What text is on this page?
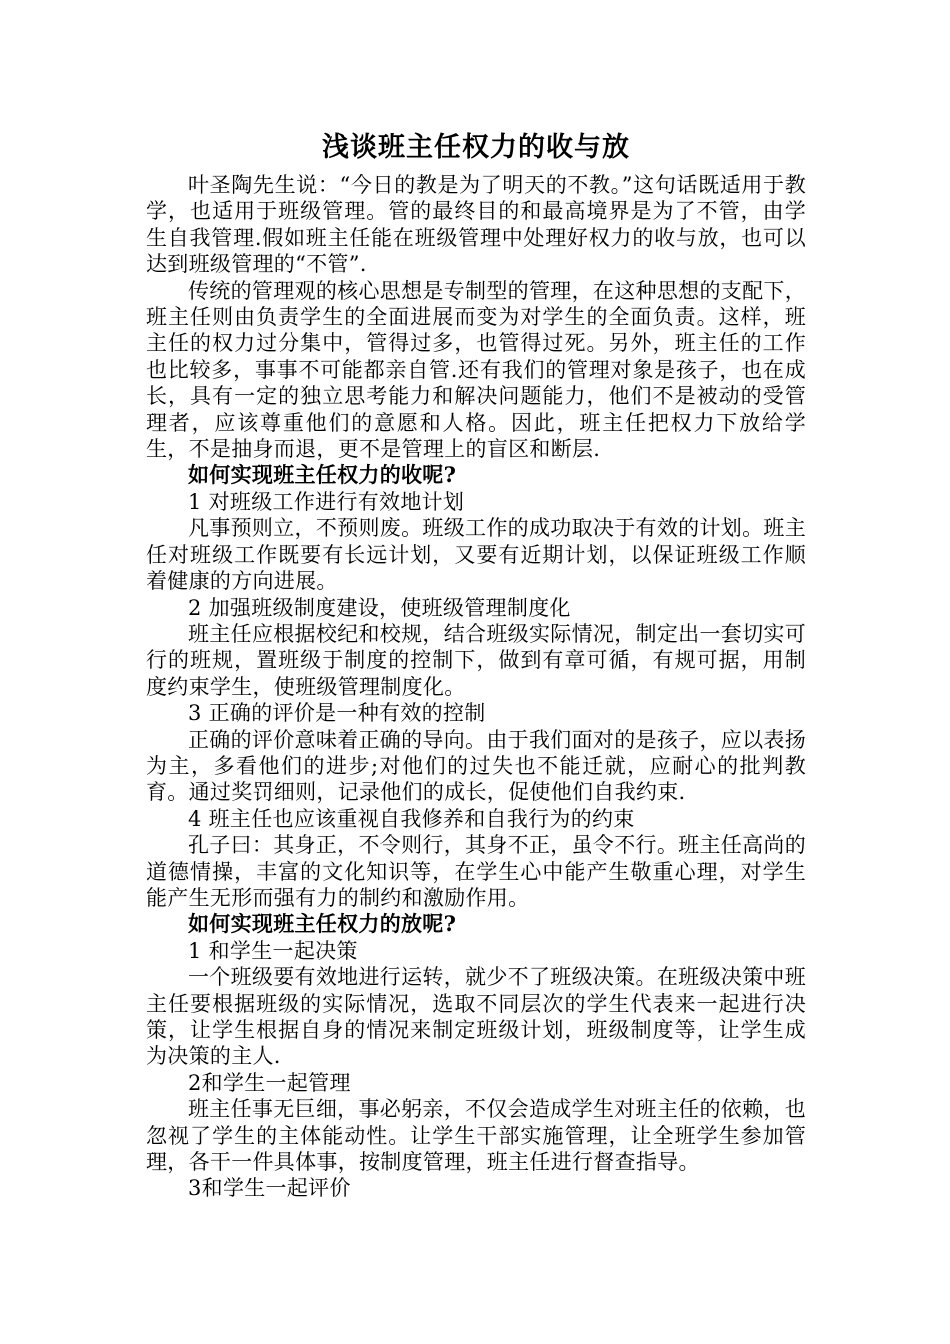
浅谈班主任权力的收与放

叶圣陶先生说：“今日的教是为了明天的不教。”这句话既适用于教学，也适用于班级管理。管的最终目的和最高境界是为了不管，由学生自我管理.假如班主任能在班级管理中处理好权力的收与放，也可以达到班级管理的“不管”.

传统的管理观的核心思想是专制型的管理，在这种思想的支配下，班主任则由负责学生的全面进展而变为对学生的全面负责。这样，班主任的权力过分集中，管得过多，也管得过死。另外，班主任的工作也比较多，事事不可能都亲自管.还有我们的管理对象是孩子，也在成长，具有一定的独立思考能力和解决问题能力，他们不是被动的受管理者，应该尊重他们的意愿和人格。因此，班主任把权力下放给学生，不是抽身而退，更不是管理上的盲区和断层.

如何实现班主任权力的收呢?

1 对班级工作进行有效地计划

凡事预则立，不预则废。班级工作的成功取决于有效的计划。班主任对班级工作既要有长远计划，又要有近期计划，以保证班级工作顺着健康的方向进展。

2 加强班级制度建设，使班级管理制度化

班主任应根据校纪和校规，结合班级实际情况，制定出一套切实可行的班规，置班级于制度的控制下，做到有章可循，有规可据，用制度约束学生，使班级管理制度化。

3 正确的评价是一种有效的控制

正确的评价意味着正确的导向。由于我们面对的是孩子，应以表扬为主，多看他们的进步;对他们的过失也不能迁就，应耐心的批判教育。通过奖罚细则，记录他们的成长，促使他们自我约束.

4 班主任也应该重视自我修养和自我行为的约束

孔子曰：其身正，不令则行，其身不正，虽令不行。班主任高尚的道德情操，丰富的文化知识等，在学生心中能产生敬重心理，对学生能产生无形而强有力的制约和激励作用。

如何实现班主任权力的放呢?

1 和学生一起决策

一个班级要有效地进行运转，就少不了班级决策。在班级决策中班主任要根据班级的实际情况，选取不同层次的学生代表来一起进行决策，让学生根据自身的情况来制定班级计划，班级制度等，让学生成为决策的主人.

2和学生一起管理

班主任事无巨细，事必躬亲，不仅会造成学生对班主任的依赖，也忽视了学生的主体能动性。让学生干部实施管理，让全班学生参加管理，各干一件具体事，按制度管理，班主任进行督查指导。

3和学生一起评价
